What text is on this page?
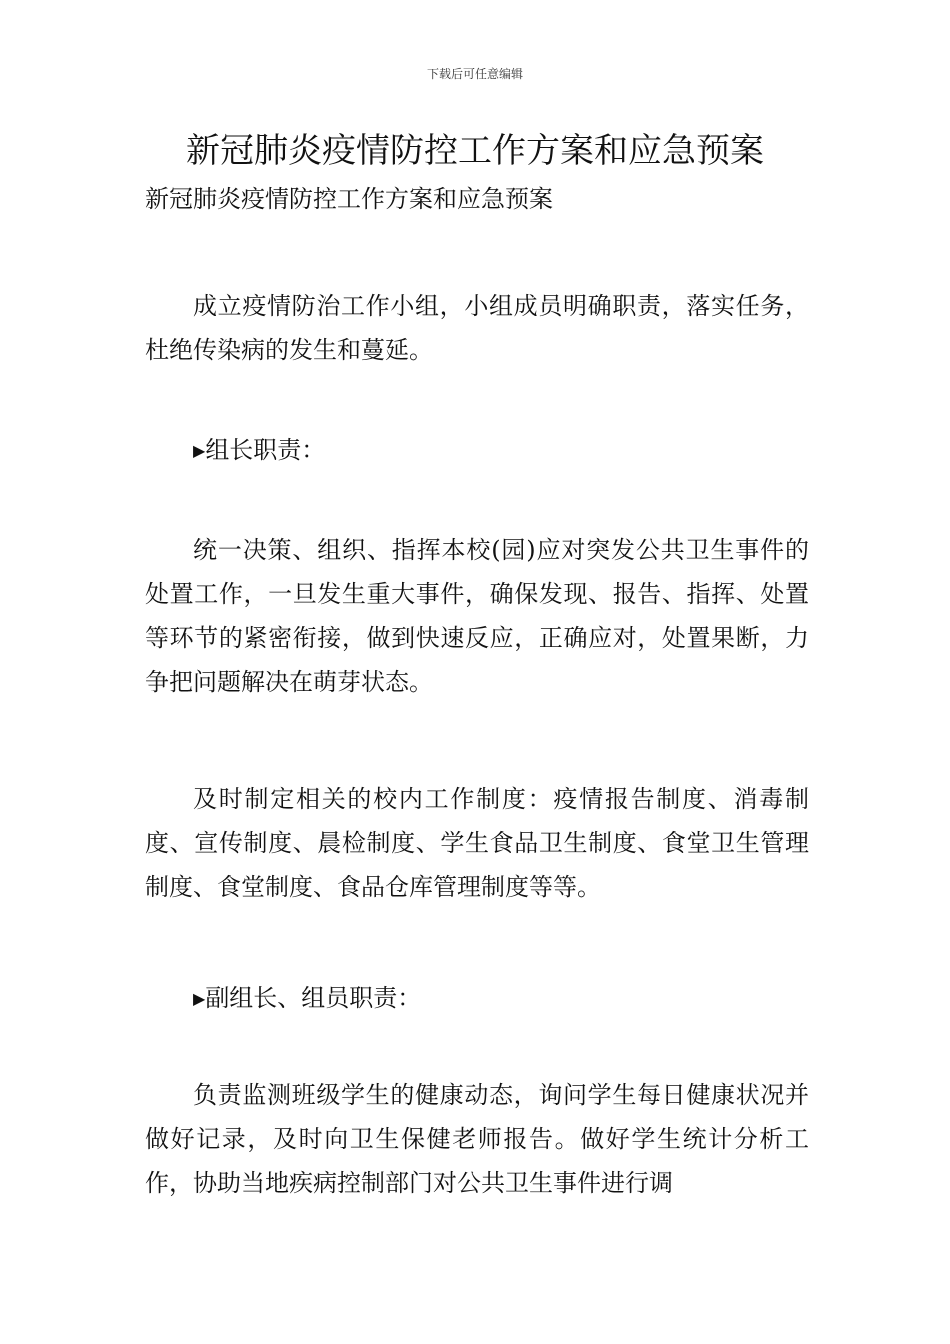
下载后可任意编辑
新冠肺炎疫情防控工作方案和应急预案
新冠肺炎疫情防控工作方案和应急预案

成立疫情防治工作小组，小组成员明确职责，落实任务，杜绝传染病的发生和蔓延。

▶组长职责：

统一决策、组织、指挥本校(园)应对突发公共卫生事件的处置工作，一旦发生重大事件，确保发现、报告、指挥、处置等环节的紧密衔接，做到快速反应，正确应对，处置果断，力争把问题解决在萌芽状态。

及时制定相关的校内工作制度：疫情报告制度、消毒制度、宣传制度、晨检制度、学生食品卫生制度、食堂卫生管理制度、食堂制度、食品仓库管理制度等等。

▶副组长、组员职责：

负责监测班级学生的健康动态，询问学生每日健康状况并做好记录，及时向卫生保健老师报告。做好学生统计分析工作，协助当地疾病控制部门对公共卫生事件进行调
